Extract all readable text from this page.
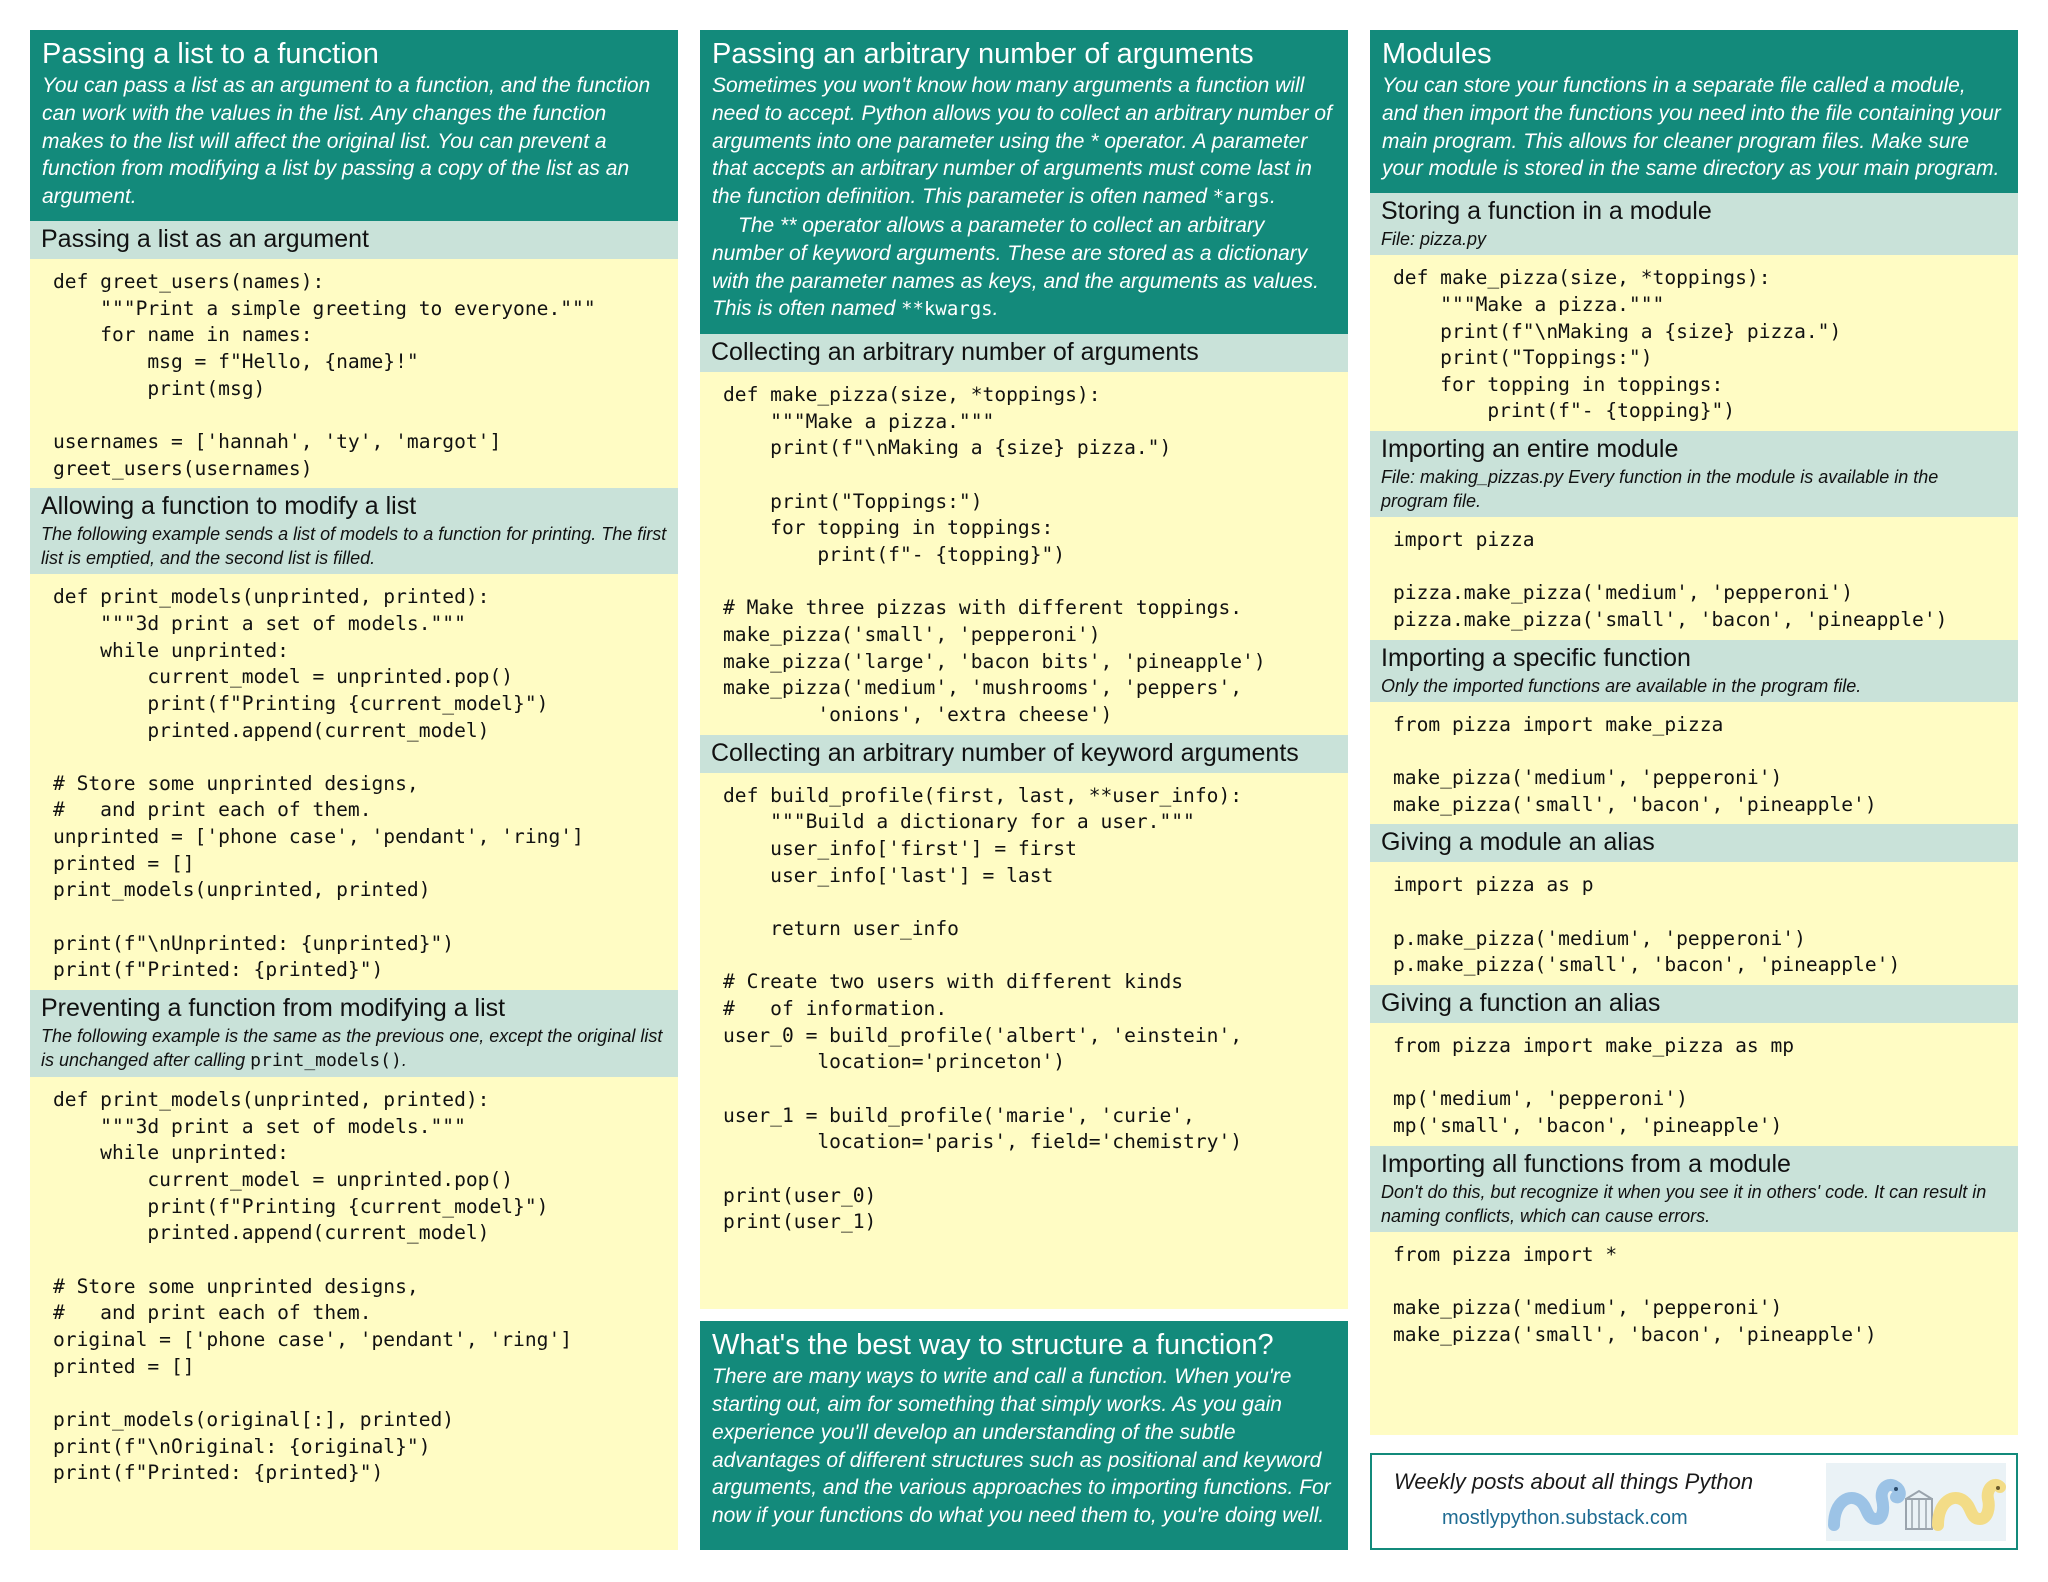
Passing a list to a function

You can pass a list as an argument to a function, and the function can work with the values in the list. Any changes the function makes to the list will affect the original list. You can prevent a function from modifying a list by passing a copy of the list as an argument.

Passing a list as an argument
def greet_users(names):
"""Print a simple greeting to everyone."""
for name in names:
msg = f"Hello, {name}!"
print(msg)

usernames = ['hannah', 'ty', 'margot']
greet_users(usernames)
Allowing a function to modify a list

The following example sends a list of models to a function for printing. The first list is emptied, and the second list is filled.

def print_models(unprinted, printed):
"""3d print a set of models."""
while unprinted:
current_model = unprinted.pop()
print(f"Printing {current_model}")
printed.append(current_model)

# Store some unprinted designs,
#   and print each of them.
unprinted = ['phone case', 'pendant', 'ring']
printed = []
print_models(unprinted, printed)

print(f"\nUnprinted: {unprinted}")
print(f"Printed: {printed}")
Preventing a function from modifying a list

The following example is the same as the previous one, except the original list is unchanged after calling print_models().

def print_models(unprinted, printed):
"""3d print a set of models."""
while unprinted:
current_model = unprinted.pop()
print(f"Printing {current_model}")
printed.append(current_model)

# Store some unprinted designs,
#   and print each of them.
original = ['phone case', 'pendant', 'ring']
printed = []

print_models(original[:], printed)
print(f"\nOriginal: {original}")
print(f"Printed: {printed}")
Passing an arbitrary number of arguments

Sometimes you won't know how many arguments a function will need to accept. Python allows you to collect an arbitrary number of arguments into one parameter using the * operator. A parameter that accepts an arbitrary number of arguments must come last in the function definition. This parameter is often named *args.
The ** operator allows a parameter to collect an arbitrary number of keyword arguments. These are stored as a dictionary with the parameter names as keys, and the arguments as values. This is often named **kwargs.

Collecting an arbitrary number of arguments
def make_pizza(size, *toppings):
"""Make a pizza."""
print(f"\nMaking a {size} pizza.")

print("Toppings:")
for topping in toppings:
print(f"- {topping}")

# Make three pizzas with different toppings.
make_pizza('small', 'pepperoni')
make_pizza('large', 'bacon bits', 'pineapple')
make_pizza('medium', 'mushrooms', 'peppers',
'onions', 'extra cheese')
Collecting an arbitrary number of keyword arguments
def build_profile(first, last, **user_info):
"""Build a dictionary for a user."""
user_info['first'] = first
user_info['last'] = last

return user_info

# Create two users with different kinds
#   of information.
user_0 = build_profile('albert', 'einstein',
location='princeton')

user_1 = build_profile('marie', 'curie',
location='paris', field='chemistry')

print(user_0)
print(user_1)
What's the best way to structure a function?

There are many ways to write and call a function. When you're starting out, aim for something that simply works. As you gain experience you'll develop an understanding of the subtle advantages of different structures such as positional and keyword arguments, and the various approaches to importing functions. For now if your functions do what you need them to, you're doing well.

Modules

You can store your functions in a separate file called a module, and then import the functions you need into the file containing your main program. This allows for cleaner program files. Make sure your module is stored in the same directory as your main program.

Storing a function in a module

File: pizza.py

def make_pizza(size, *toppings):
"""Make a pizza."""
print(f"\nMaking a {size} pizza.")
print("Toppings:")
for topping in toppings:
print(f"- {topping}")
Importing an entire module

File: making_pizzas.py Every function in the module is available in the program file.

import pizza

pizza.make_pizza('medium', 'pepperoni')
pizza.make_pizza('small', 'bacon', 'pineapple')
Importing a specific function

Only the imported functions are available in the program file.

from pizza import make_pizza

make_pizza('medium', 'pepperoni')
make_pizza('small', 'bacon', 'pineapple')
Giving a module an alias
import pizza as p

p.make_pizza('medium', 'pepperoni')
p.make_pizza('small', 'bacon', 'pineapple')
Giving a function an alias
from pizza import make_pizza as mp

mp('medium', 'pepperoni')
mp('small', 'bacon', 'pineapple')
Importing all functions from a module

Don't do this, but recognize it when you see it in others' code. It can result in naming conflicts, which can cause errors.

from pizza import *

make_pizza('medium', 'pepperoni')
make_pizza('small', 'bacon', 'pineapple')
Weekly posts about all things Python
mostlypython.substack.com
